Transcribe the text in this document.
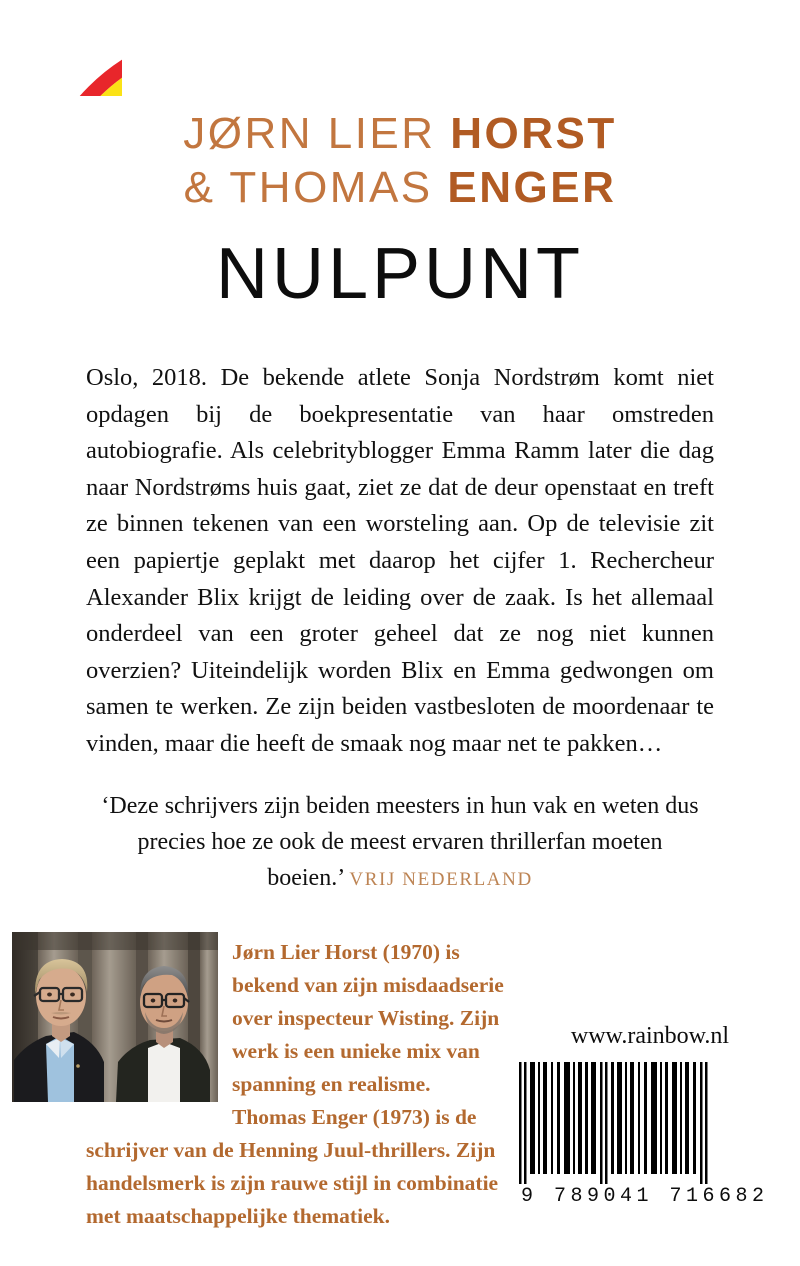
JØRN LIER HORST
& THOMAS ENGER
NULPUNT
Oslo, 2018. De bekende atlete Sonja Nordstrøm komt niet opdagen bij de boekpresentatie van haar omstreden autobiografie. Als celebrityblogger Emma Ramm later die dag naar Nordstrøms huis gaat, ziet ze dat de deur openstaat en treft ze binnen tekenen van een worsteling aan. Op de televisie zit een papiertje geplakt met daarop het cijfer 1. Rechercheur Alexander Blix krijgt de leiding over de zaak. Is het allemaal onderdeel van een groter geheel dat ze nog niet kunnen overzien? Uiteindelijk worden Blix en Emma gedwongen om samen te werken. Ze zijn beiden vastbesloten de moordenaar te vinden, maar die heeft de smaak nog maar net te pakken…
‘Deze schrijvers zijn beiden meesters in hun vak en weten dus precies hoe ze ook de meest ervaren thrillerfan moeten boeien.’ VRIJ NEDERLAND
Jørn Lier Horst (1970) is bekend van zijn misdaadserie over inspecteur Wisting. Zijn werk is een unieke mix van spanning en realisme. Thomas Enger (1973) is de schrijver van de Henning Juul-thrillers. Zijn handelsmerk is zijn rauwe stijl in combinatie met maatschappelijke thematiek.
www.rainbow.nl
9 789041 716682
